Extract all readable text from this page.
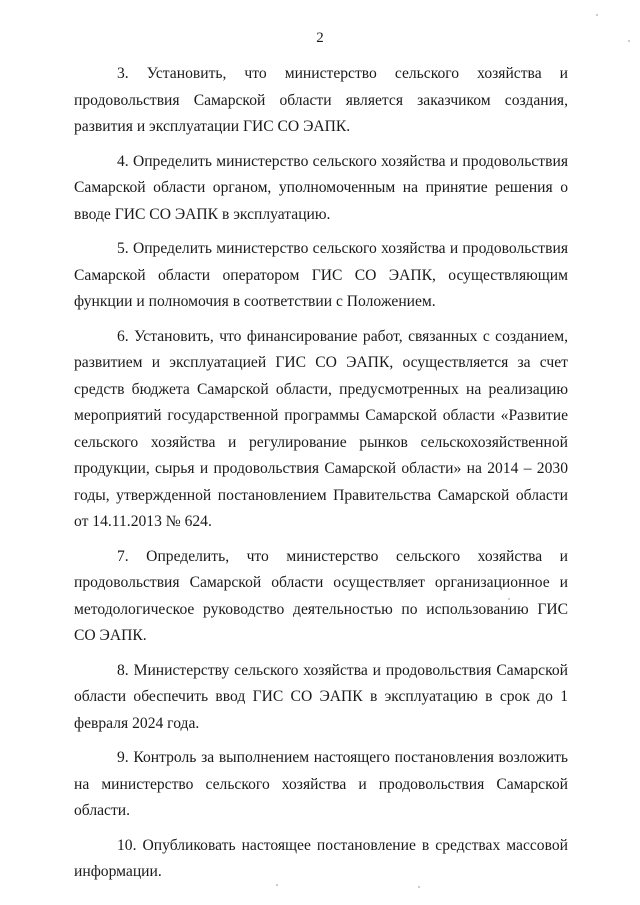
2

3. Установить, что министерство сельского хозяйства и продовольствия Самарской области является заказчиком создания, развития и эксплуатации ГИС СО ЭАПК.

4. Определить министерство сельского хозяйства и продовольствия Самарской области органом, уполномоченным на принятие решения о вводе ГИС СО ЭАПК в эксплуатацию.

5. Определить министерство сельского хозяйства и продовольствия Самарской области оператором ГИС СО ЭАПК, осуществляющим функции и полномочия в соответствии с Положением.

6. Установить, что финансирование работ, связанных с созданием, развитием и эксплуатацией ГИС СО ЭАПК, осуществляется за счет средств бюджета Самарской области, предусмотренных на реализацию мероприятий государственной программы Самарской области «Развитие сельского хозяйства и регулирование рынков сельскохозяйственной продукции, сырья и продовольствия Самарской области» на 2014 – 2030 годы, утвержденной постановлением Правительства Самарской области от 14.11.2013 № 624.

7. Определить, что министерство сельского хозяйства и продовольствия Самарской области осуществляет организационное и методологическое руководство деятельностью по использованию ГИС СО ЭАПК.

8. Министерству сельского хозяйства и продовольствия Самарской области обеспечить ввод ГИС СО ЭАПК в эксплуатацию в срок до 1 февраля 2024 года.

9. Контроль за выполнением настоящего постановления возложить на министерство сельского хозяйства и продовольствия Самарской области.

10. Опубликовать настоящее постановление в средствах массовой информации.
